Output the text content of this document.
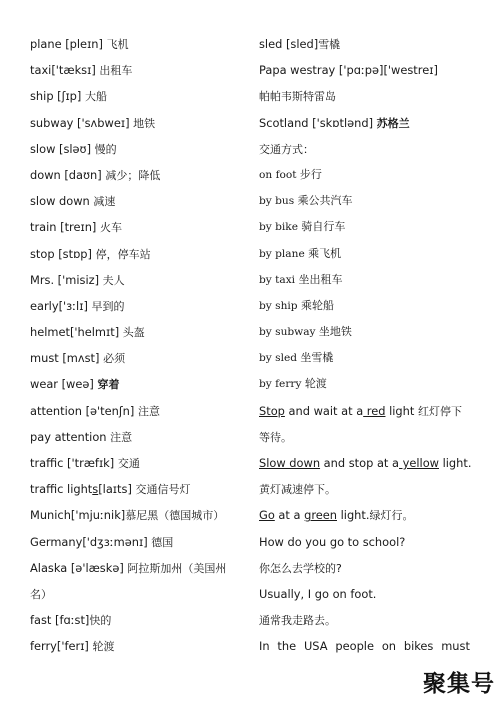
plane [pleɪn] 飞机
taxi['tæksɪ] 出租车
ship [ʃɪp] 大船
subway ['sʌbweɪ] 地铁
slow [sləʊ] 慢的
down [daʊn] 减少；降低
slow down 减速
train [treɪn] 火车
stop [stɒp] 停，停车站
Mrs. ['misiz] 夫人
early['ɜːlɪ] 早到的
helmet['helmɪt] 头盔
must [mʌst] 必须
wear [weə] 穿着
attention [ə'tenʃn] 注意
pay attention 注意
traffic ['træfɪk] 交通
traffic lights[laɪts] 交通信号灯
Munich['mjuːnik]慕尼黑（德国城市）
Germany['dʒɜːmənɪ] 德国
Alaska [ə'læskə] 阿拉斯加州（美国州
名）
fast [fɑːst]快的
ferry['ferɪ] 轮渡
sled [sled]雪橇
Papa westray ['pɑːpə]['westreɪ]
帕帕韦斯特雷岛
Scotland ['skɒtlənd] 苏格兰
交通方式：
on foot 步行
by bus 乘公共汽车
by bike 骑自行车
by plane 乘飞机
by taxi 坐出租车
by ship 乘轮船
by subway 坐地铁
by sled 坐雪橇
by ferry 轮渡
Stop and wait at a red light 红灯停下
等待。
Slow down and stop at a yellow light.
黄灯减速停下。
Go at a green light.绿灯行。
How do you go to school?
你怎么去学校的?
Usually, I go on foot.
通常我走路去。
In the USA people on bikes must
聚集号
